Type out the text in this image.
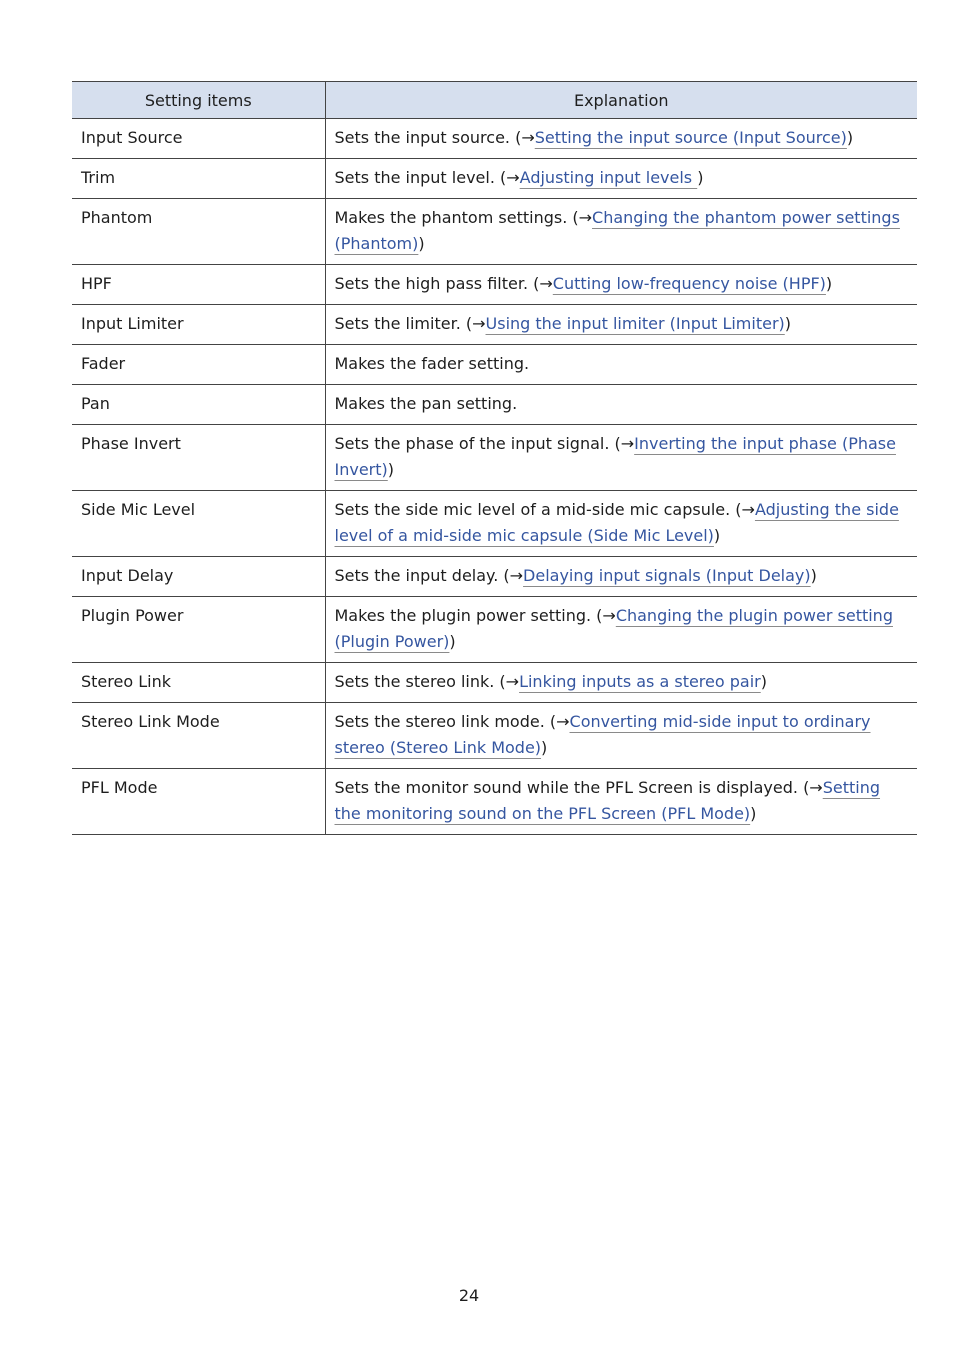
Setting items	Explanation
Input Source	Sets the input source. (→Setting the input source (Input Source))
Trim	Sets the input level. (→Adjusting input levels )
Phantom	Makes the phantom settings. (→Changing the phantom power settings (Phantom))
HPF	Sets the high pass filter. (→Cutting low-frequency noise (HPF))
Input Limiter	Sets the limiter. (→Using the input limiter (Input Limiter))
Fader	Makes the fader setting.
Pan	Makes the pan setting.
Phase Invert	Sets the phase of the input signal. (→Inverting the input phase (Phase Invert))
Side Mic Level	Sets the side mic level of a mid-side mic capsule. (→Adjusting the side level of a mid-side mic capsule (Side Mic Level))
Input Delay	Sets the input delay. (→Delaying input signals (Input Delay))
Plugin Power	Makes the plugin power setting. (→Changing the plugin power setting (Plugin Power))
Stereo Link	Sets the stereo link. (→Linking inputs as a stereo pair)
Stereo Link Mode	Sets the stereo link mode. (→Converting mid-side input to ordinary stereo (Stereo Link Mode))
PFL Mode	Sets the monitor sound while the PFL Screen is displayed. (→Setting the monitoring sound on the PFL Screen (PFL Mode))
24
